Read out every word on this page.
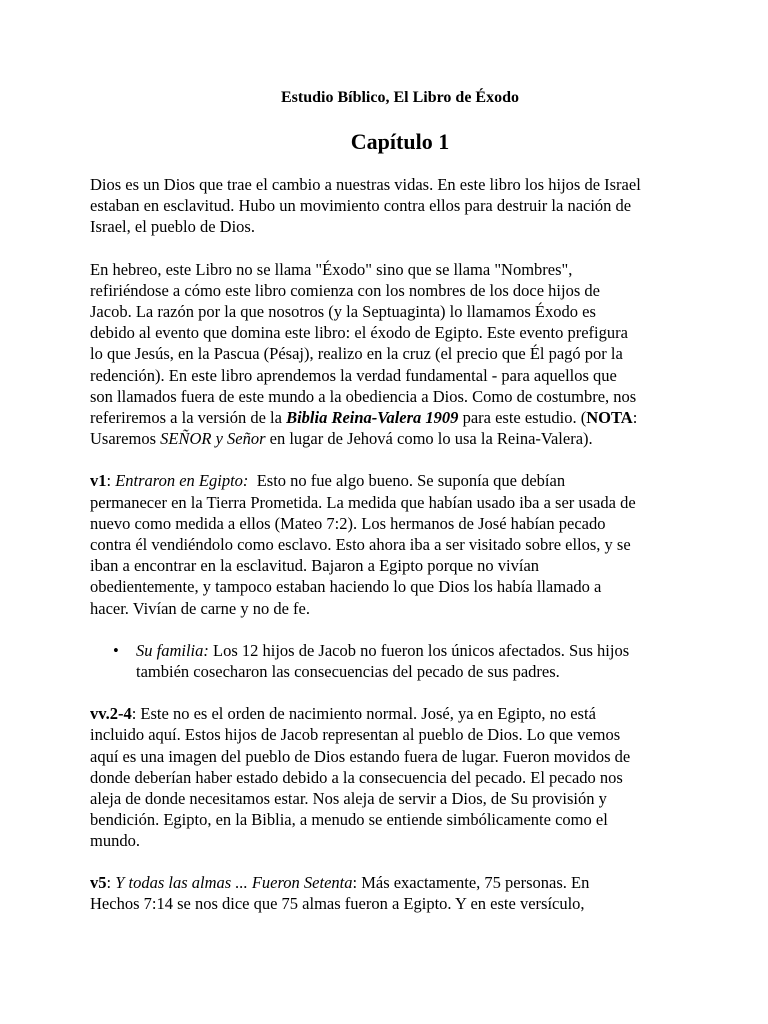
Estudio Bíblico, El Libro de Éxodo
Capítulo 1

Dios es un Dios que trae el cambio a nuestras vidas. En este libro los hijos de Israel
estaban en esclavitud. Hubo un movimiento contra ellos para destruir la nación de
Israel, el pueblo de Dios.

En hebreo, este Libro no se llama "Éxodo" sino que se llama "Nombres",
refiriéndose a cómo este libro comienza con los nombres de los doce hijos de
Jacob. La razón por la que nosotros (y la Septuaginta) lo llamamos Éxodo es
debido al evento que domina este libro: el éxodo de Egipto. Este evento prefigura
lo que Jesús, en la Pascua (Pésaj), realizo en la cruz (el precio que Él pagó por la
redención). En este libro aprendemos la verdad fundamental - para aquellos que
son llamados fuera de este mundo a la obediencia a Dios. Como de costumbre, nos
referiremos a la versión de la Biblia Reina-Valera 1909 para este estudio. (NOTA:
Usaremos SEÑOR y Señor en lugar de Jehová como lo usa la Reina-Valera).

v1: Entraron en Egipto:  Esto no fue algo bueno. Se suponía que debían
permanecer en la Tierra Prometida. La medida que habían usado iba a ser usada de
nuevo como medida a ellos (Mateo 7:2). Los hermanos de José habían pecado
contra él vendiéndolo como esclavo. Esto ahora iba a ser visitado sobre ellos, y se
iban a encontrar en la esclavitud. Bajaron a Egipto porque no vivían
obedientemente, y tampoco estaban haciendo lo que Dios los había llamado a
hacer. Vivían de carne y no de fe.

• Su familia: Los 12 hijos de Jacob no fueron los únicos afectados. Sus hijos
también cosecharon las consecuencias del pecado de sus padres.

vv.2-4: Este no es el orden de nacimiento normal. José, ya en Egipto, no está
incluido aquí. Estos hijos de Jacob representan al pueblo de Dios. Lo que vemos
aquí es una imagen del pueblo de Dios estando fuera de lugar. Fueron movidos de
donde deberían haber estado debido a la consecuencia del pecado. El pecado nos
aleja de donde necesitamos estar. Nos aleja de servir a Dios, de Su provisión y
bendición. Egipto, en la Biblia, a menudo se entiende simbólicamente como el
mundo.

v5: Y todas las almas ... Fueron Setenta: Más exactamente, 75 personas. En
Hechos 7:14 se nos dice que 75 almas fueron a Egipto. Y en este versículo,
